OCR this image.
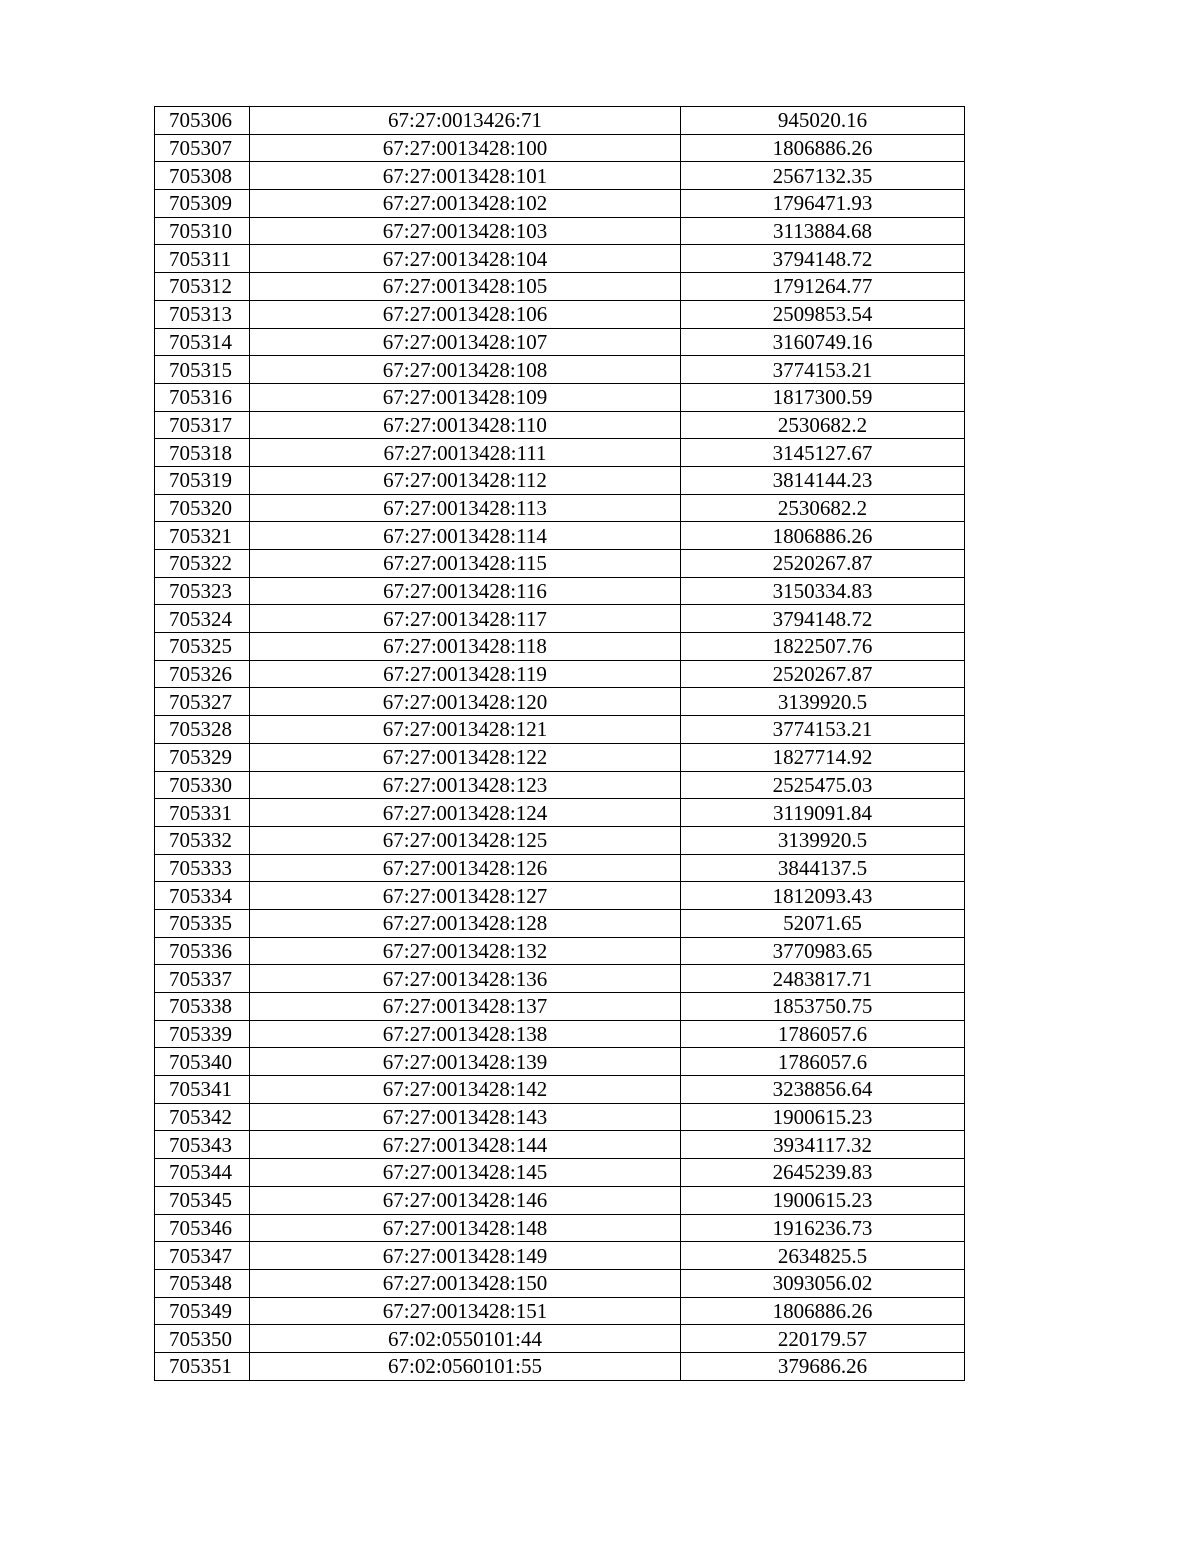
705306	67:27:0013426:71	945020.16
705307	67:27:0013428:100	1806886.26
705308	67:27:0013428:101	2567132.35
705309	67:27:0013428:102	1796471.93
705310	67:27:0013428:103	3113884.68
705311	67:27:0013428:104	3794148.72
705312	67:27:0013428:105	1791264.77
705313	67:27:0013428:106	2509853.54
705314	67:27:0013428:107	3160749.16
705315	67:27:0013428:108	3774153.21
705316	67:27:0013428:109	1817300.59
705317	67:27:0013428:110	2530682.2
705318	67:27:0013428:111	3145127.67
705319	67:27:0013428:112	3814144.23
705320	67:27:0013428:113	2530682.2
705321	67:27:0013428:114	1806886.26
705322	67:27:0013428:115	2520267.87
705323	67:27:0013428:116	3150334.83
705324	67:27:0013428:117	3794148.72
705325	67:27:0013428:118	1822507.76
705326	67:27:0013428:119	2520267.87
705327	67:27:0013428:120	3139920.5
705328	67:27:0013428:121	3774153.21
705329	67:27:0013428:122	1827714.92
705330	67:27:0013428:123	2525475.03
705331	67:27:0013428:124	3119091.84
705332	67:27:0013428:125	3139920.5
705333	67:27:0013428:126	3844137.5
705334	67:27:0013428:127	1812093.43
705335	67:27:0013428:128	52071.65
705336	67:27:0013428:132	3770983.65
705337	67:27:0013428:136	2483817.71
705338	67:27:0013428:137	1853750.75
705339	67:27:0013428:138	1786057.6
705340	67:27:0013428:139	1786057.6
705341	67:27:0013428:142	3238856.64
705342	67:27:0013428:143	1900615.23
705343	67:27:0013428:144	3934117.32
705344	67:27:0013428:145	2645239.83
705345	67:27:0013428:146	1900615.23
705346	67:27:0013428:148	1916236.73
705347	67:27:0013428:149	2634825.5
705348	67:27:0013428:150	3093056.02
705349	67:27:0013428:151	1806886.26
705350	67:02:0550101:44	220179.57
705351	67:02:0560101:55	379686.26
